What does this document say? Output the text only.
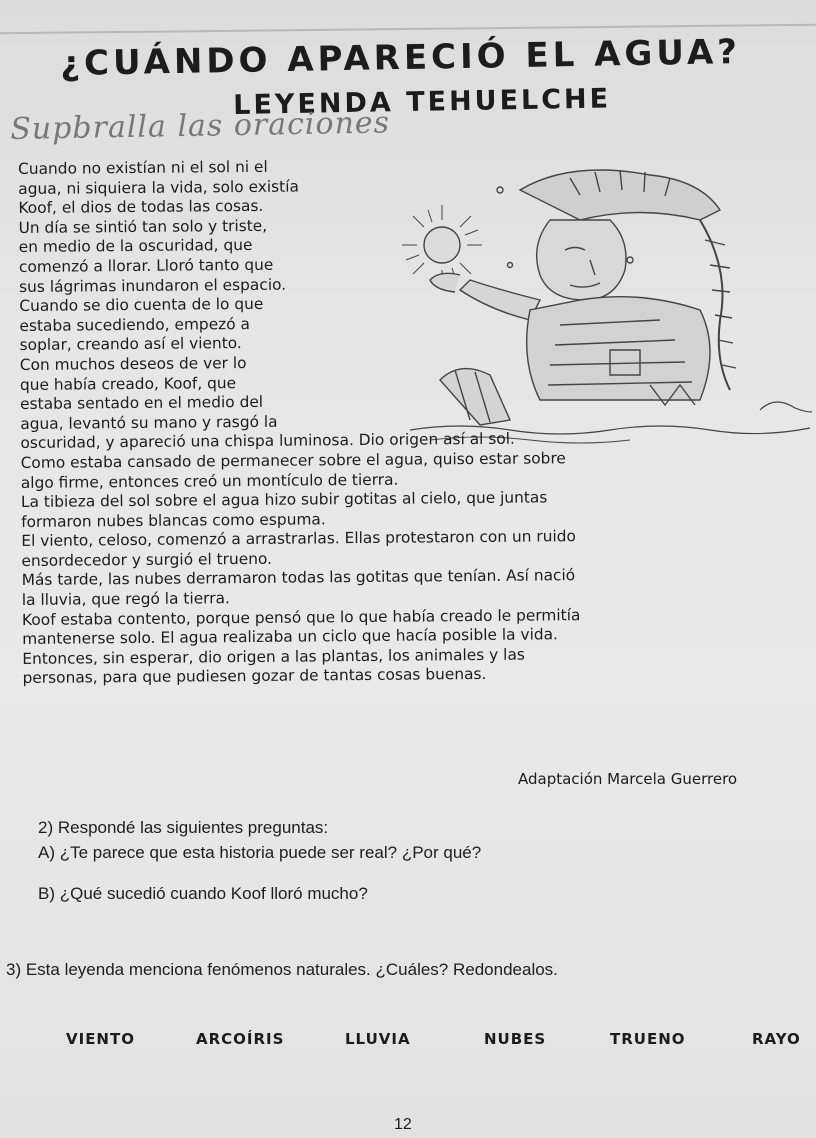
¿CUÁNDO APARECIÓ EL AGUA?
LEYENDA TEHUELCHE
Supbralla las oraciones
Cuando no existían ni el sol ni el
agua, ni siquiera la vida, solo existía
Koof, el dios de todas las cosas.
Un día se sintió tan solo y triste,
en medio de la oscuridad, que
comenzó a llorar. Lloró tanto que
sus lágrimas inundaron el espacio.
Cuando se dio cuenta de lo que
estaba sucediendo, empezó a
soplar, creando así el viento.
Con muchos deseos de ver lo
que había creado, Koof, que
estaba sentado en el medio del
agua, levantó su mano y rasgó la
oscuridad, y apareció una chispa luminosa. Dio origen así al sol.
Como estaba cansado de permanecer sobre el agua, quiso estar sobre
algo firme, entonces creó un montículo de tierra.
La tibieza del sol sobre el agua hizo subir gotitas al cielo, que juntas
formaron nubes blancas como espuma.
El viento, celoso, comenzó a arrastrarlas. Ellas protestaron con un ruido
ensordecedor y surgió el trueno.
Más tarde, las nubes derramaron todas las gotitas que tenían. Así nació
la lluvia, que regó la tierra.
Koof estaba contento, porque pensó que lo que había creado le permitía
mantenerse solo. El agua realizaba un ciclo que hacía posible la vida.
Entonces, sin esperar, dio origen a las plantas, los animales y las
personas, para que pudiesen gozar de tantas cosas buenas.
Adaptación Marcela Guerrero
2) Respondé las siguientes preguntas:
A) ¿Te parece que esta historia puede ser real? ¿Por qué?
B) ¿Qué sucedió cuando Koof lloró mucho?
3) Esta leyenda menciona fenómenos naturales. ¿Cuáles? Redondealos.
VIENTO	ARCOÍRIS	LLUVIA	NUBES	TRUENO	RAYO
12
